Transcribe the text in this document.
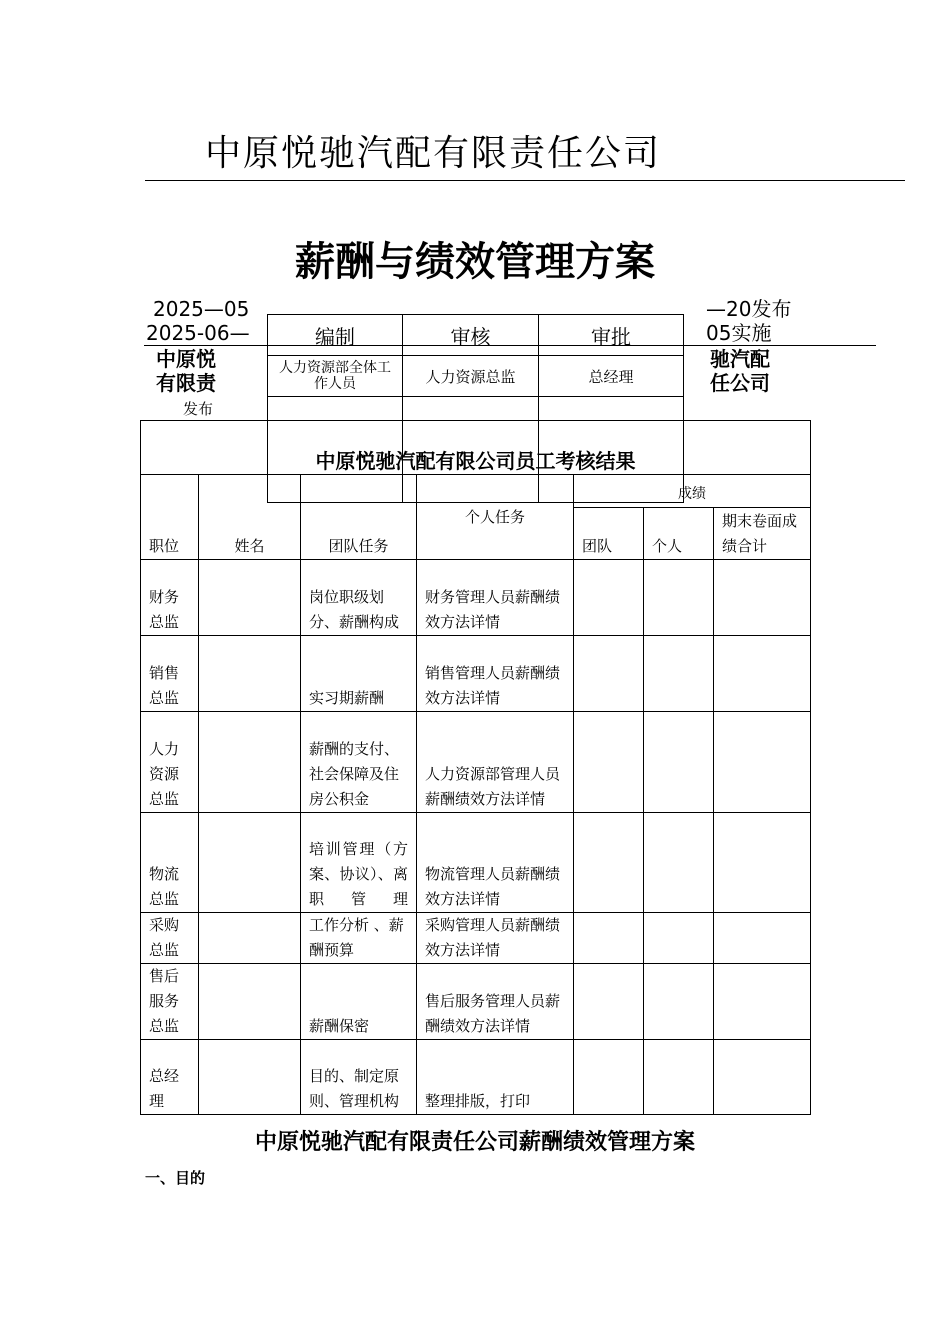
中原悦驰汽配有限责任公司
薪酬与绩效管理方案
2025—05
2025-06—
—20发布
05实施
中原悦
有限责
驰汽配
任公司
发布
编制	审核	审批
人力资源部全体工作人员	人力资源总监	总经理
中原悦驰汽配有限公司员工考核结果						
职位	姓名	团队任务	个人任务	成绩		
				团队	个人	期末卷面成绩合计
财务总监		岗位职级划分、薪酬构成	财务管理人员薪酬绩效方法详情			
销售总监		实习期薪酬	销售管理人员薪酬绩效方法详情			
人力资源总监		薪酬的支付、社会保障及住房公积金	人力资源部管理人员薪酬绩效方法详情			
物流总监		培训管理（方案、协议）、离职管理	物流管理人员薪酬绩效方法详情			
采购总监		工作分析 、薪酬预算	采购管理人员薪酬绩效方法详情			
售后服务总监		薪酬保密	售后服务管理人员薪酬绩效方法详情			
总经理		目的、制定原则、管理机构	整理排版，打印			
中原悦驰汽配有限责任公司薪酬绩效管理方案
一、目的
